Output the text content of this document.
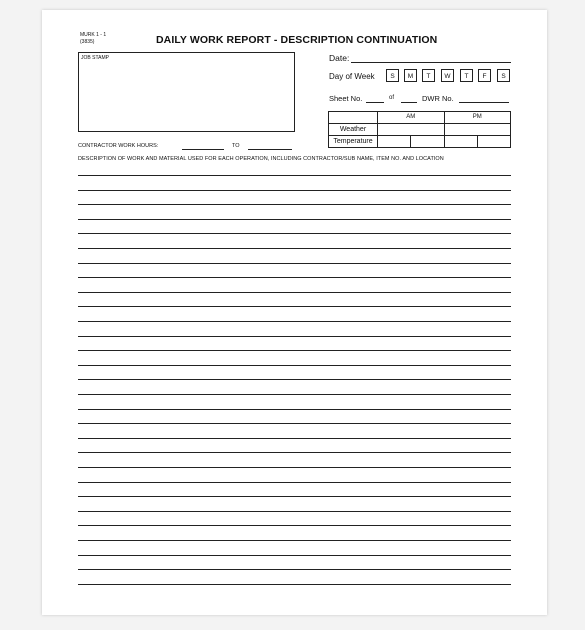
MURK 1 - 1
(3835)	DAILY WORK REPORT - DESCRIPTION CONTINUATION
JOB STAMP	Date:
Day of Week	S	M	T	W	T	F	S
Sheet No.	of	DWR No.
	AM		PM	
Weather				
Temperature				
CONTRACTOR WORK HOURS:	TO
DESCRIPTION OF WORK AND MATERIAL USED FOR EACH OPERATION, INCLUDING CONTRACTOR/SUB NAME, ITEM NO. AND LOCATION
